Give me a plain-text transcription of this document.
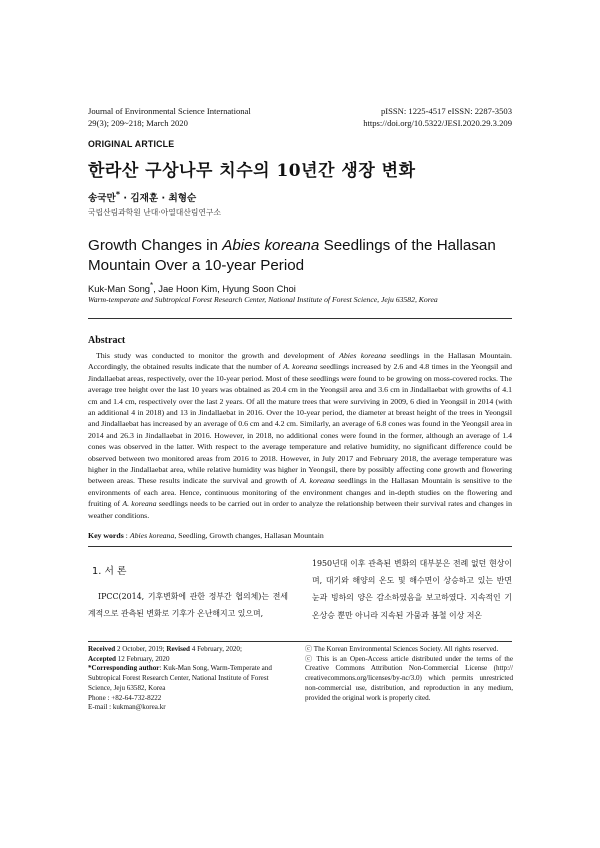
Journal of Environmental Science International
29(3); 209~218; March 2020
pISSN: 1225-4517 eISSN: 2287-3503
https://doi.org/10.5322/JESI.2020.29.3.209
ORIGINAL ARTICLE
한라산 구상나무 치수의 10년간 생장 변화
송국만* · 김재훈 · 최형순
국립산림과학원 난대·아열대산림연구소
Growth Changes in Abies koreana Seedlings of the Hallasan Mountain Over a 10-year Period
Kuk-Man Song*, Jae Hoon Kim, Hyung Soon Choi
Warm-temperate and Subtropical Forest Research Center, National Institute of Forest Science, Jeju 63582, Korea
Abstract
This study was conducted to monitor the growth and development of Abies koreana seedlings in the Hallasan Mountain. Accordingly, the obtained results indicate that the number of A. koreana seedlings increased by 2.6 and 4.8 times in the Yeongsil and Jindallaebat areas, respectively, over the 10-year period. Most of these seedlings were found to be growing on moss-covered rocks. The average tree height over the last 10 years was obtained as 20.4 cm in the Yeongsil area and 3.6 cm in Jindallaebat with growths of 4.1 cm and 1.4 cm, respectively over the last 2 years. Of all the mature trees that were surviving in 2009, 6 died in Yeongsil in 2014 (with an additional 4 in 2018) and 13 in Jindallaebat in 2016. Over the 10-year period, the diameter at breast height of the trees in Yeongsil and Jindallaebat has increased by an average of 0.6 cm and 4.2 cm. Similarly, an average of 6.8 cones was found in the Yeongsil area in 2014 and 26.3 in Jindallaebat in 2016. However, in 2018, no additional cones were found in the former, although an average of 1.4 cones was observed in the latter. With respect to the average temperature and relative humidity, no significant difference could be observed between two monitored areas from 2016 to 2018. However, in July 2017 and February 2018, the average temperature was higher in the Jindallaebat area, while relative humidity was higher in Yeongsil, there by possibly affecting cone growth and flowering between areas. These results indicate the survival and growth of A. koreana seedlings in the Hallasan Mountain is sensitive to the environments of each area. Hence, continuous monitoring of the environment changes and in-depth studies on the flowering and fruiting of A. koreana seedlings needs to be carried out in order to analyze the relationship between their survival rates and changes in weather conditions.
Key words : Abies koreana, Seedling, Growth changes, Hallasan Mountain
1. 서 론
IPCC(2014, 기후변화에 관한 정부간 협의체)는 전세계적으로 관측된 변화로 기후가 온난해지고 있으며,
1950년대 이후 관측된 변화의 대부분은 전례 없던 현상이며, 대기와 해양의 온도 및 해수면이 상승하고 있는 반면 눈과 빙하의 양은 감소하였음을 보고하였다. 지속적인 기온상승 뿐만 아니라 지속된 가뭄과 봄철 이상 저온
Received 2 October, 2019; Revised 4 February, 2020;
Accepted 12 February, 2020
*Corresponding author: Kuk-Man Song, Warm-Temperate and Subtropical Forest Research Center, National Institute of Forest Science, Jeju 63582, Korea
Phone : +82-64-732-8222
E-mail : kukman@korea.kr
ⓒ The Korean Environmental Sciences Society. All rights reserved.
ⓒ This is an Open-Access article distributed under the terms of the Creative Commons Attribution Non-Commercial License (http:// creativecommons.org/licenses/by-nc/3.0) which permits unrestricted non-commercial use, distribution, and reproduction in any medium, provided the original work is properly cited.
